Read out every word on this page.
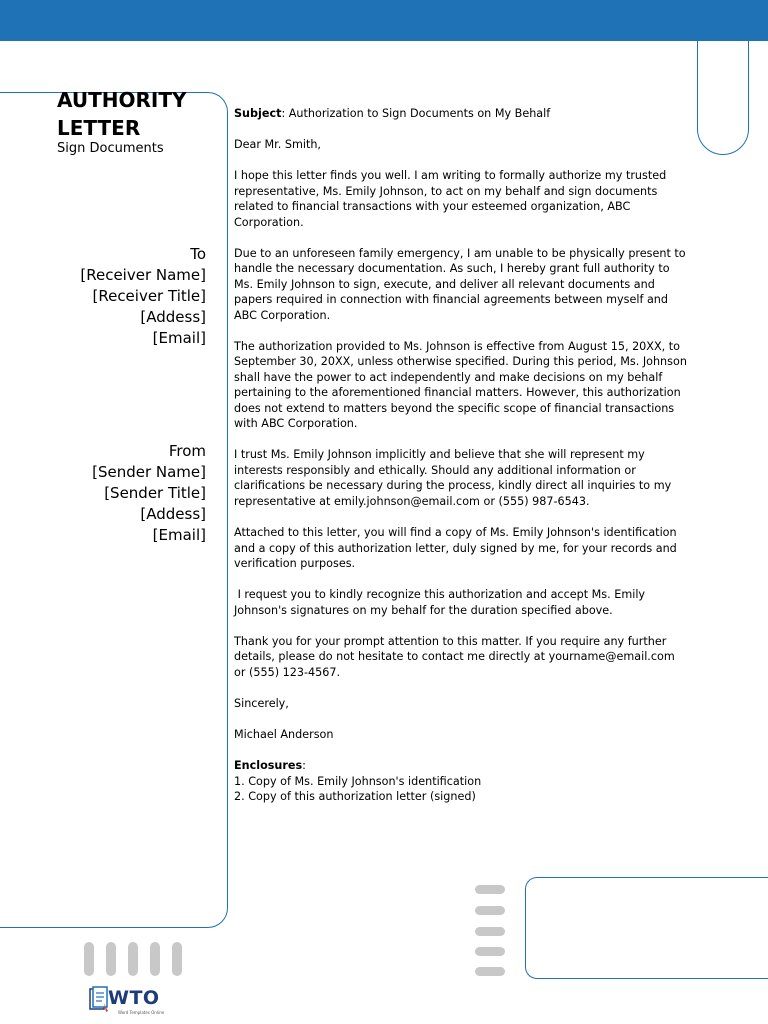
AUTHORITY LETTER

Sign Documents

To
[Receiver Name]
[Receiver Title]
[Addess]
[Email]
From
[Sender Name]
[Sender Title]
[Addess]
[Email]

Subject: Authorization to Sign Documents on My Behalf

Dear Mr. Smith,

I hope this letter finds you well. I am writing to formally authorize my trusted representative, Ms. Emily Johnson, to act on my behalf and sign documents related to financial transactions with your esteemed organization, ABC Corporation.

Due to an unforeseen family emergency, I am unable to be physically present to handle the necessary documentation. As such, I hereby grant full authority to Ms. Emily Johnson to sign, execute, and deliver all relevant documents and papers required in connection with financial agreements between myself and ABC Corporation.

The authorization provided to Ms. Johnson is effective from August 15, 20XX, to September 30, 20XX, unless otherwise specified. During this period, Ms. Johnson shall have the power to act independently and make decisions on my behalf pertaining to the aforementioned financial matters. However, this authorization does not extend to matters beyond the specific scope of financial transactions with ABC Corporation.

I trust Ms. Emily Johnson implicitly and believe that she will represent my interests responsibly and ethically. Should any additional information or clarifications be necessary during the process, kindly direct all inquiries to my representative at emily.johnson@email.com or (555) 987-6543.

Attached to this letter, you will find a copy of Ms. Emily Johnson's identification and a copy of this authorization letter, duly signed by me, for your records and verification purposes.

I request you to kindly recognize this authorization and accept Ms. Emily Johnson's signatures on my behalf for the duration specified above.

Thank you for your prompt attention to this matter. If you require any further details, please do not hesitate to contact me directly at yourname@email.com or (555) 123-4567.

Sincerely,

Michael Anderson

Enclosures:
1. Copy of Ms. Emily Johnson's identification
2. Copy of this authorization letter (signed)
WTO
Word Templates Online
